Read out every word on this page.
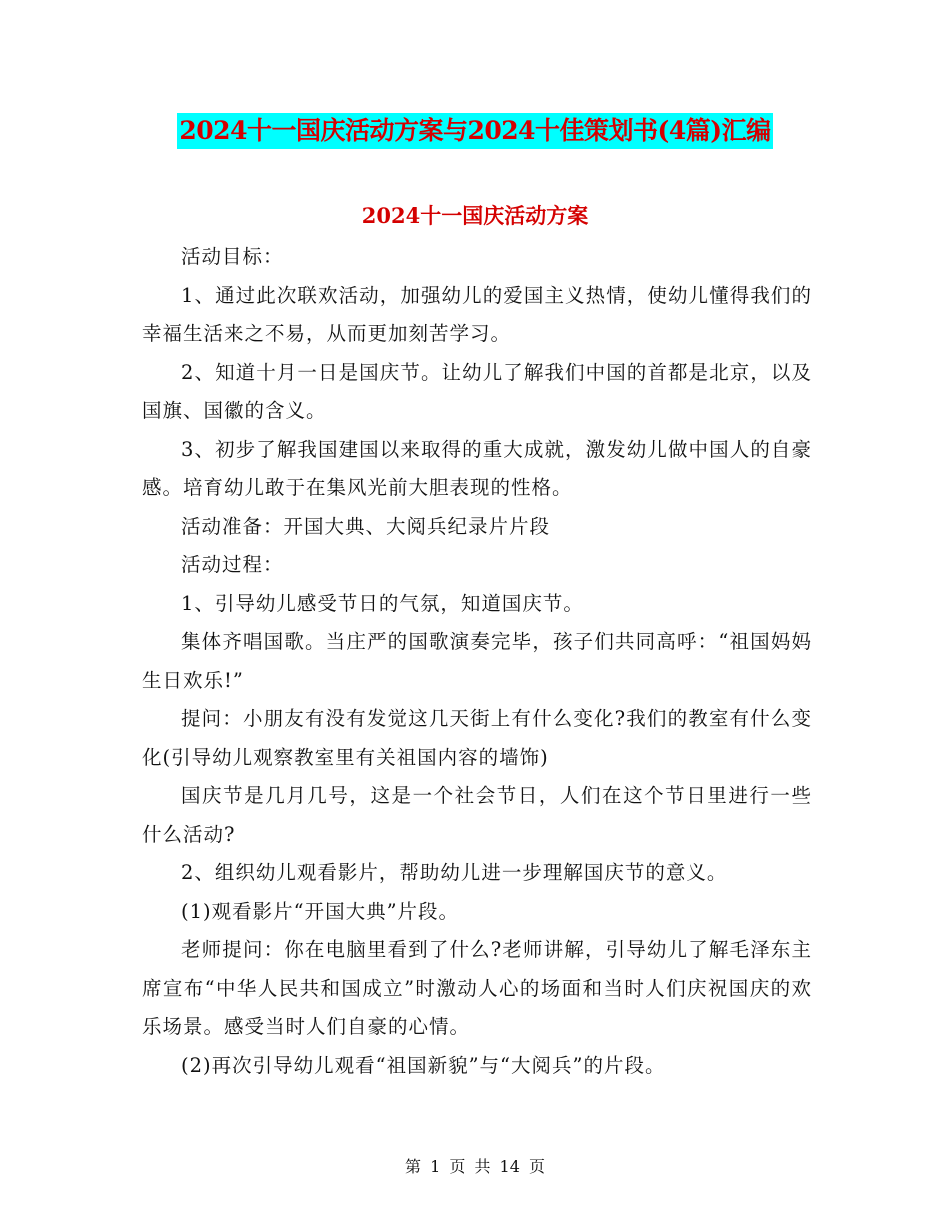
2024十一国庆活动方案与2024十佳策划书(4篇)汇编
2024十一国庆活动方案

活动目标：

1、通过此次联欢活动，加强幼儿的爱国主义热情，使幼儿懂得我们的幸福生活来之不易，从而更加刻苦学习。

2、知道十月一日是国庆节。让幼儿了解我们中国的首都是北京，以及国旗、国徽的含义。

3、初步了解我国建国以来取得的重大成就，激发幼儿做中国人的自豪感。培育幼儿敢于在集风光前大胆表现的性格。

活动准备：开国大典、大阅兵纪录片片段

活动过程：

1、引导幼儿感受节日的气氛，知道国庆节。

集体齐唱国歌。当庄严的国歌演奏完毕，孩子们共同高呼：“祖国妈妈生日欢乐!”

提问：小朋友有没有发觉这几天街上有什么变化?我们的教室有什么变化(引导幼儿观察教室里有关祖国内容的墙饰)

国庆节是几月几号，这是一个社会节日，人们在这个节日里进行一些什么活动?

2、组织幼儿观看影片，帮助幼儿进一步理解国庆节的意义。

(1)观看影片“开国大典”片段。

老师提问：你在电脑里看到了什么?老师讲解，引导幼儿了解毛泽东主席宣布“中华人民共和国成立”时激动人心的场面和当时人们庆祝国庆的欢乐场景。感受当时人们自豪的心情。

(2)再次引导幼儿观看“祖国新貌”与“大阅兵”的片段。

第 1 页 共 14 页
